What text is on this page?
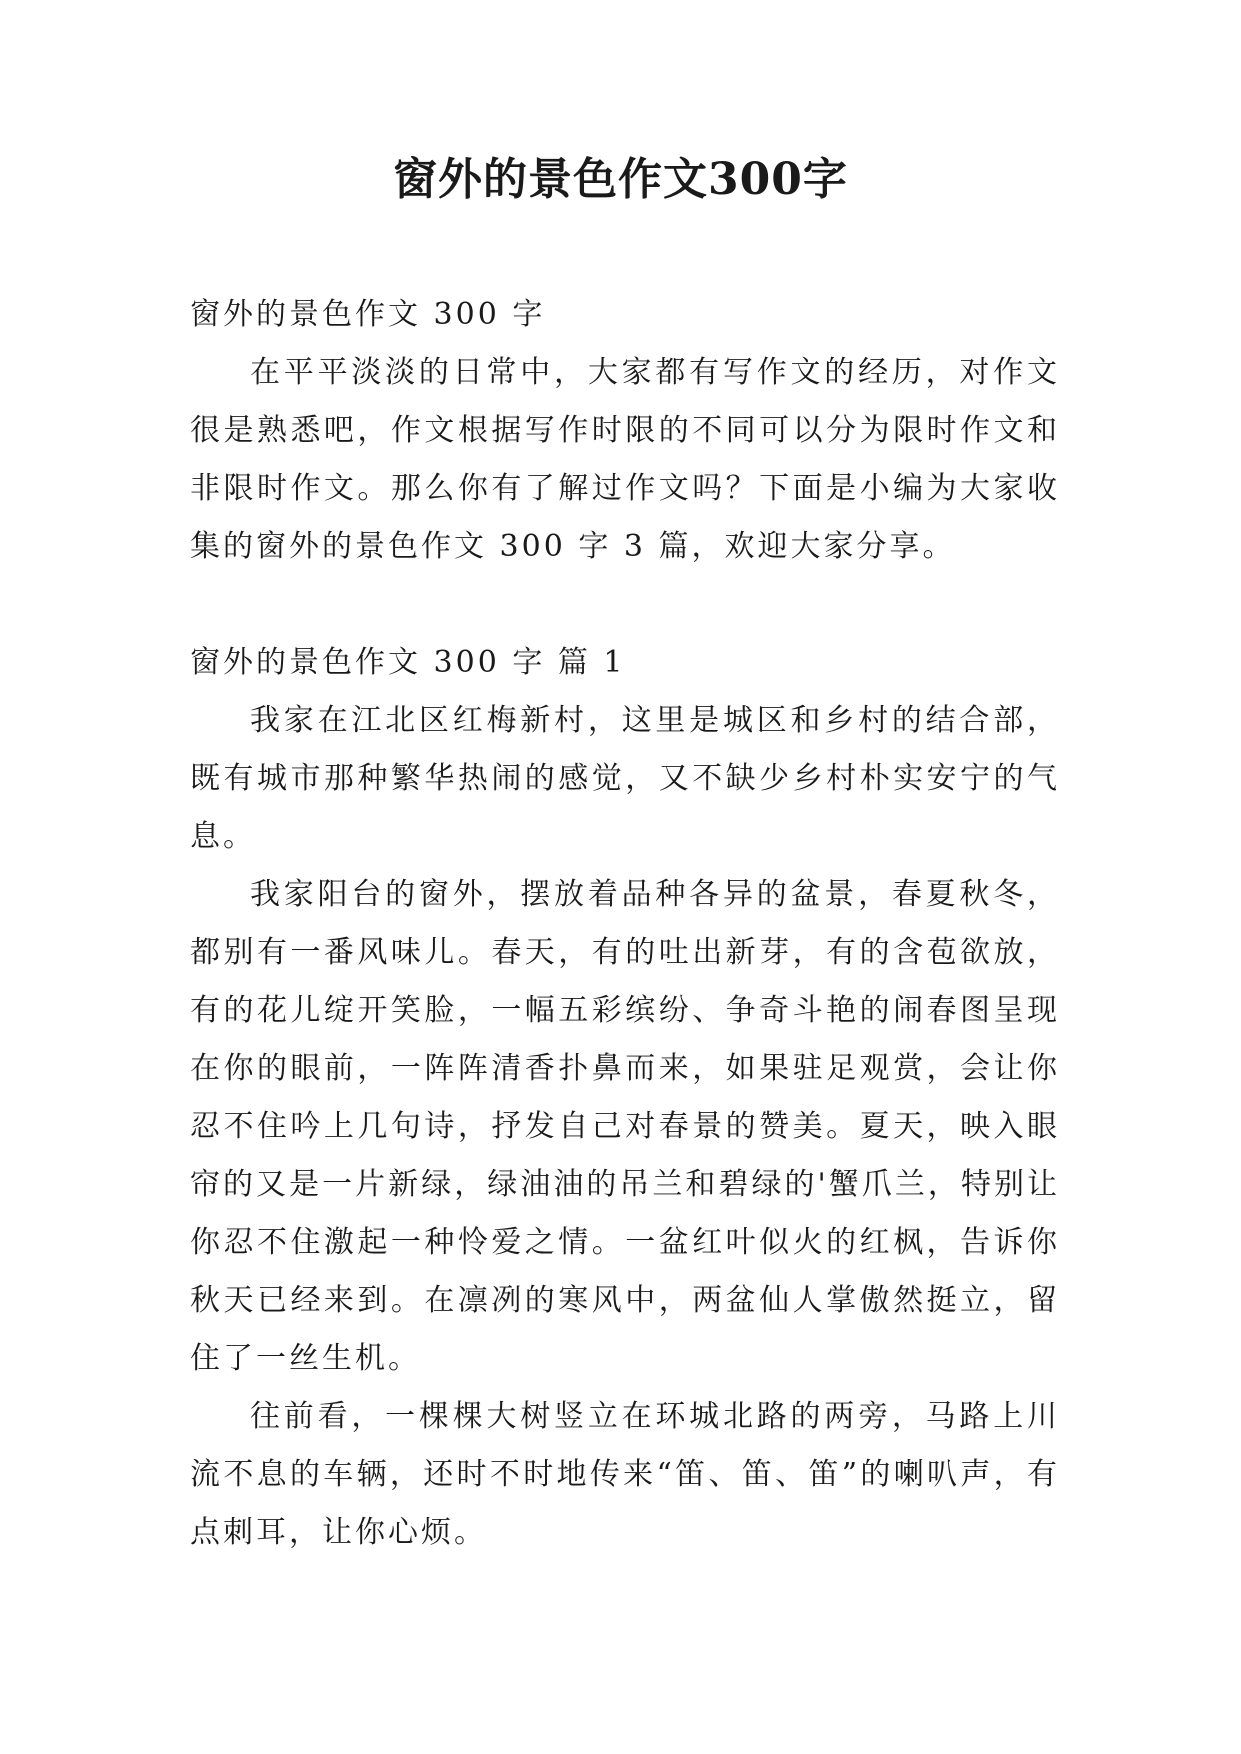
窗外的景色作文300字

窗外的景色作文 300 字

在平平淡淡的日常中，大家都有写作文的经历，对作文很是熟悉吧，作文根据写作时限的不同可以分为限时作文和非限时作文。那么你有了解过作文吗？下面是小编为大家收集的窗外的景色作文 300 字 3 篇，欢迎大家分享。

窗外的景色作文 300 字 篇 1

我家在江北区红梅新村，这里是城区和乡村的结合部，既有城市那种繁华热闹的感觉，又不缺少乡村朴实安宁的气息。

我家阳台的窗外，摆放着品种各异的盆景，春夏秋冬，都别有一番风味儿。春天，有的吐出新芽，有的含苞欲放，有的花儿绽开笑脸，一幅五彩缤纷、争奇斗艳的闹春图呈现在你的眼前，一阵阵清香扑鼻而来，如果驻足观赏，会让你忍不住吟上几句诗，抒发自己对春景的赞美。夏天，映入眼帘的又是一片新绿，绿油油的吊兰和碧绿的'蟹爪兰，特别让你忍不住激起一种怜爱之情。一盆红叶似火的红枫，告诉你秋天已经来到。在凛冽的寒风中，两盆仙人掌傲然挺立，留住了一丝生机。

往前看，一棵棵大树竖立在环城北路的两旁，马路上川流不息的车辆，还时不时地传来“笛、笛、笛”的喇叭声，有点刺耳，让你心烦。
